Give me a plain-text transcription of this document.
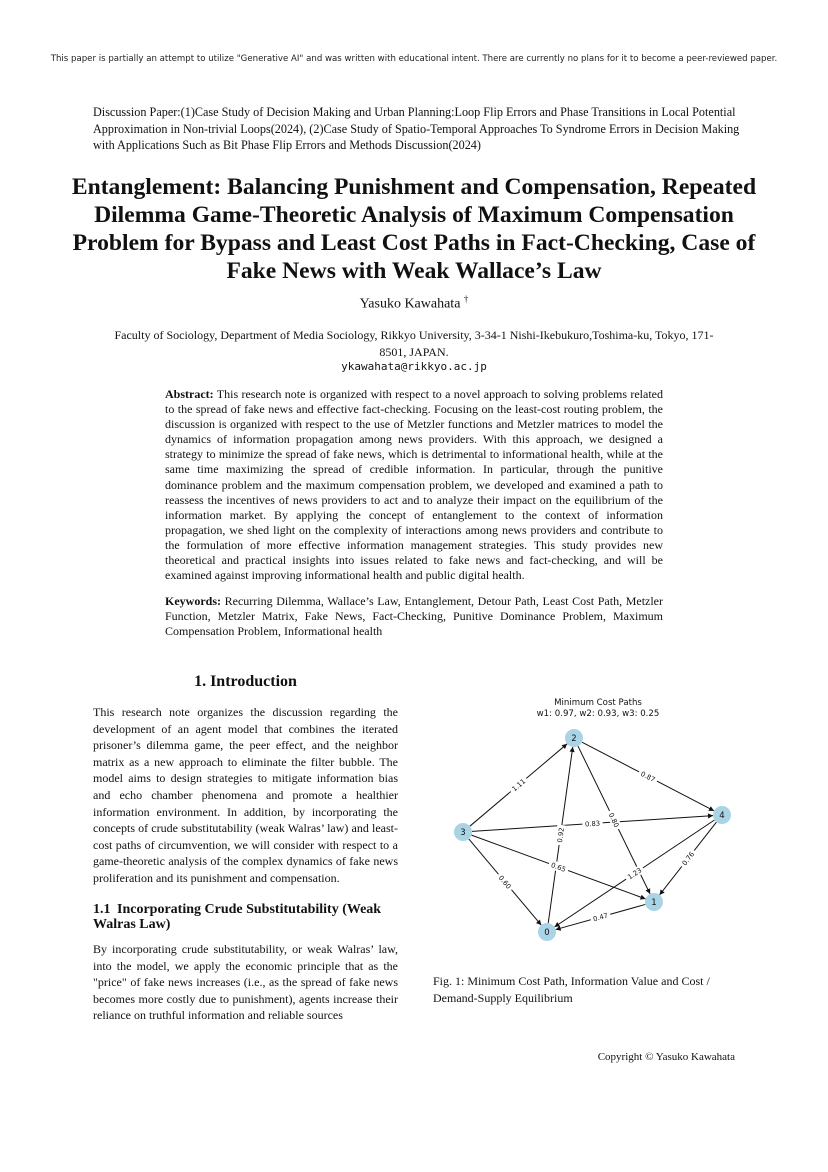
This paper is partially an attempt to utilize "Generative AI" and was written with educational intent. There are currently no plans for it to become a peer-reviewed paper.
Discussion Paper:(1)Case Study of Decision Making and Urban Planning:Loop Flip Errors and Phase Transitions in Local Potential Approximation in Non-trivial Loops(2024), (2)Case Study of Spatio-Temporal Approaches To Syndrome Errors in Decision Making with Applications Such as Bit Phase Flip Errors and Methods Discussion(2024)
Entanglement: Balancing Punishment and Compensation, Repeated Dilemma Game-Theoretic Analysis of Maximum Compensation Problem for Bypass and Least Cost Paths in Fact-Checking, Case of Fake News with Weak Wallace’s Law
Yasuko Kawahata †
Faculty of Sociology, Department of Media Sociology, Rikkyo University, 3-34-1 Nishi-Ikebukuro,Toshima-ku, Tokyo, 171-8501, JAPAN.
ykawahata@rikkyo.ac.jp
Abstract: This research note is organized with respect to a novel approach to solving problems related to the spread of fake news and effective fact-checking. Focusing on the least-cost routing problem, the discussion is organized with respect to the use of Metzler functions and Metzler matrices to model the dynamics of information propagation among news providers. With this approach, we designed a strategy to minimize the spread of fake news, which is detrimental to informational health, while at the same time maximizing the spread of credible information. In particular, through the punitive dominance problem and the maximum compensation problem, we developed and examined a path to reassess the incentives of news providers to act and to analyze their impact on the equilibrium of the information market. By applying the concept of entanglement to the context of information propagation, we shed light on the complexity of interactions among news providers and contribute to the formulation of more effective information management strategies. This study provides new theoretical and practical insights into issues related to fake news and fact-checking, and will be examined against improving informational health and public digital health.
Keywords: Recurring Dilemma, Wallace’s Law, Entanglement, Detour Path, Least Cost Path, Metzler Function, Metzler Matrix, Fake News, Fact-Checking, Punitive Dominance Problem, Maximum Compensation Problem, Informational health
1. Introduction
This research note organizes the discussion regarding the development of an agent model that combines the iterated prisoner’s dilemma game, the peer effect, and the neighbor matrix as a new approach to eliminate the filter bubble. The model aims to design strategies to mitigate information bias and echo chamber phenomena and promote a healthier information environment. In addition, by incorporating the concepts of crude substitutability (weak Walras’ law) and least-cost paths of circumvention, we will consider with respect to a game-theoretic analysis of the complex dynamics of fake news proliferation and its punishment and compensation.
1.1 Incorporating Crude Substitutability (Weak Walras Law)
By incorporating crude substitutability, or weak Walras’ law, into the model, we apply the economic principle that as the "price" of fake news increases (i.e., as the spread of fake news becomes more costly due to punishment), agents increase their reliance on truthful information and reliable sources
Minimum Cost Paths
w1: 0.97, w2: 0.93, w3: 0.25
1.11
0.87
0.83
0.92
0.80
0.65
0.76
1.23
0.60
0.47
0
1
2
3
4
Fig. 1: Minimum Cost Path, Information Value and Cost / Demand-Supply Equilibrium
Copyright © Yasuko Kawahata
